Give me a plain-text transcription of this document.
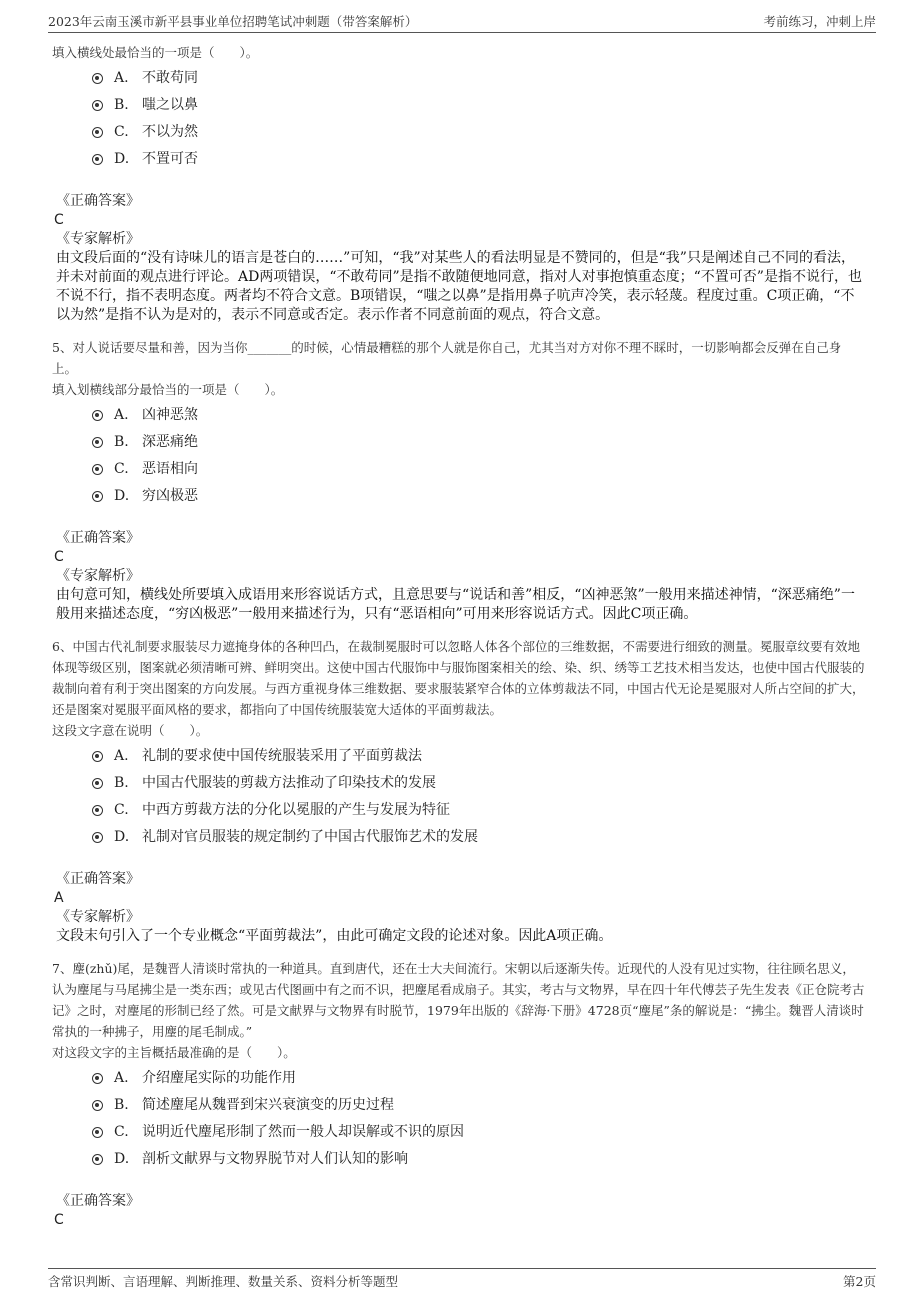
2023年云南玉溪市新平县事业单位招聘笔试冲刺题（带答案解析）	考前练习，冲刺上岸
填入横线处最恰当的一项是（　　）。
A. 不敢苟同
B. 嗤之以鼻
C. 不以为然
D. 不置可否
《正确答案》
C
《专家解析》
由文段后面的“没有诗味儿的语言是苍白的……”可知，“我”对某些人的看法明显是不赞同的，但是“我”只是阐述自己不同的看法，并未对前面的观点进行评论。AD两项错误，“不敢苟同”是指不敢随便地同意，指对人对事抱慎重态度；“不置可否”是指不说行，也不说不行，指不表明态度。两者均不符合文意。B项错误，“嗤之以鼻”是指用鼻子吭声冷笑，表示轻蔑。程度过重。C项正确，“不以为然”是指不认为是对的，表示不同意或否定。表示作者不同意前面的观点，符合文意。
5、对人说话要尽量和善，因为当你_______的时候，心情最糟糕的那个人就是你自己，尤其当对方对你不理不睬时，一切影响都会反弹在自己身上。
填入划横线部分最恰当的一项是（　　）。
A. 凶神恶煞
B. 深恶痛绝
C. 恶语相向
D. 穷凶极恶
《正确答案》
C
《专家解析》
由句意可知，横线处所要填入成语用来形容说话方式，且意思要与“说话和善”相反，“凶神恶煞”一般用来描述神情，“深恶痛绝”一般用来描述态度，“穷凶极恶”一般用来描述行为，只有“恶语相向”可用来形容说话方式。因此C项正确。
6、中国古代礼制要求服装尽力遮掩身体的各种凹凸，在裁制冕服时可以忽略人体各个部位的三维数据，不需要进行细致的测量。冕服章纹要有效地体现等级区别，图案就必须清晰可辨、鲜明突出。这使中国古代服饰中与服饰图案相关的绘、染、织、绣等工艺技术相当发达，也使中国古代服装的裁制向着有利于突出图案的方向发展。与西方重视身体三维数据、要求服装紧窄合体的立体剪裁法不同，中国古代无论是冕服对人所占空间的扩大，还是图案对冕服平面风格的要求，都指向了中国传统服装宽大适体的平面剪裁法。
这段文字意在说明（　　）。
A. 礼制的要求使中国传统服装采用了平面剪裁法
B. 中国古代服装的剪裁方法推动了印染技术的发展
C. 中西方剪裁方法的分化以冕服的产生与发展为特征
D. 礼制对官员服装的规定制约了中国古代服饰艺术的发展
《正确答案》
A
《专家解析》
文段末句引入了一个专业概念“平面剪裁法”，由此可确定文段的论述对象。因此A项正确。
7、麈(zhǔ)尾，是魏晋人清谈时常执的一种道具。直到唐代，还在士大夫间流行。宋朝以后逐渐失传。近现代的人没有见过实物，往往顾名思义，认为麈尾与马尾拂尘是一类东西；或见古代图画中有之而不识，把麈尾看成扇子。其实，考古与文物界，早在四十年代傅芸子先生发表《正仓院考古记》之时，对麈尾的形制已经了然。可是文献界与文物界有时脱节，1979年出版的《辞海·下册》4728页“麈尾”条的解说是：“拂尘。魏晋人清谈时常执的一种拂子，用麈的尾毛制成。”
对这段文字的主旨概括最准确的是（　　）。
A. 介绍麈尾实际的功能作用
B. 简述麈尾从魏晋到宋兴衰演变的历史过程
C. 说明近代麈尾形制了然而一般人却误解或不识的原因
D. 剖析文献界与文物界脱节对人们认知的影响
《正确答案》
C
含常识判断、言语理解、判断推理、数量关系、资料分析等题型	第2页
